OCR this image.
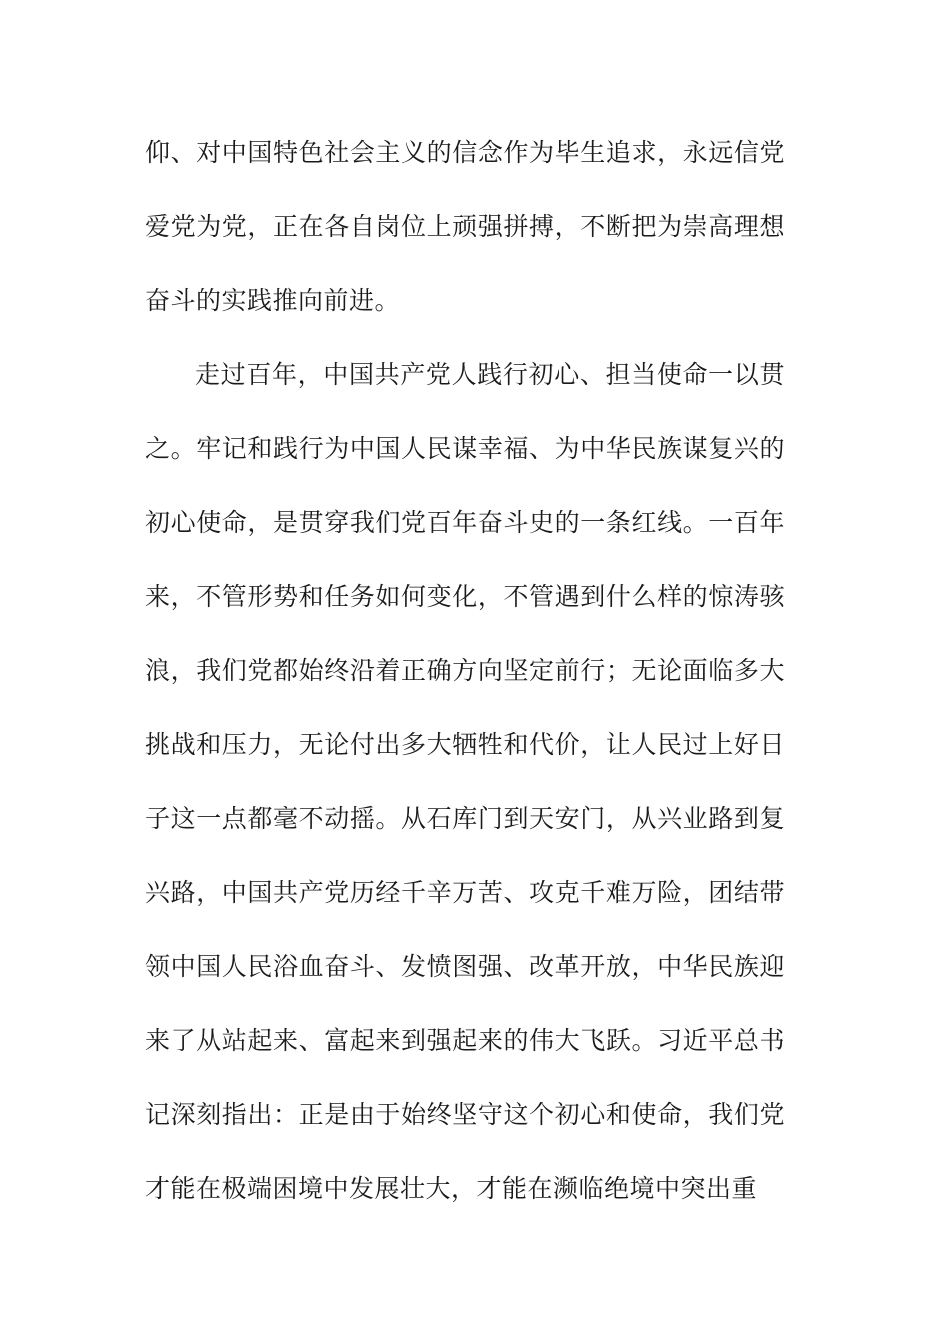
仰、对中国特色社会主义的信念作为毕生追求，永远信党
爱党为党，正在各自岗位上顽强拼搏，不断把为崇高理想
奋斗的实践推向前进。
走过百年，中国共产党人践行初心、担当使命一以贯
之。牢记和践行为中国人民谋幸福、为中华民族谋复兴的
初心使命，是贯穿我们党百年奋斗史的一条红线。一百年
来，不管形势和任务如何变化，不管遇到什么样的惊涛骇
浪，我们党都始终沿着正确方向坚定前行；无论面临多大
挑战和压力，无论付出多大牺牲和代价，让人民过上好日
子这一点都毫不动摇。从石库门到天安门，从兴业路到复
兴路，中国共产党历经千辛万苦、攻克千难万险，团结带
领中国人民浴血奋斗、发愤图强、改革开放，中华民族迎
来了从站起来、富起来到强起来的伟大飞跃。习近平总书
记深刻指出：正是由于始终坚守这个初心和使命，我们党
才能在极端困境中发展壮大，才能在濒临绝境中突出重
